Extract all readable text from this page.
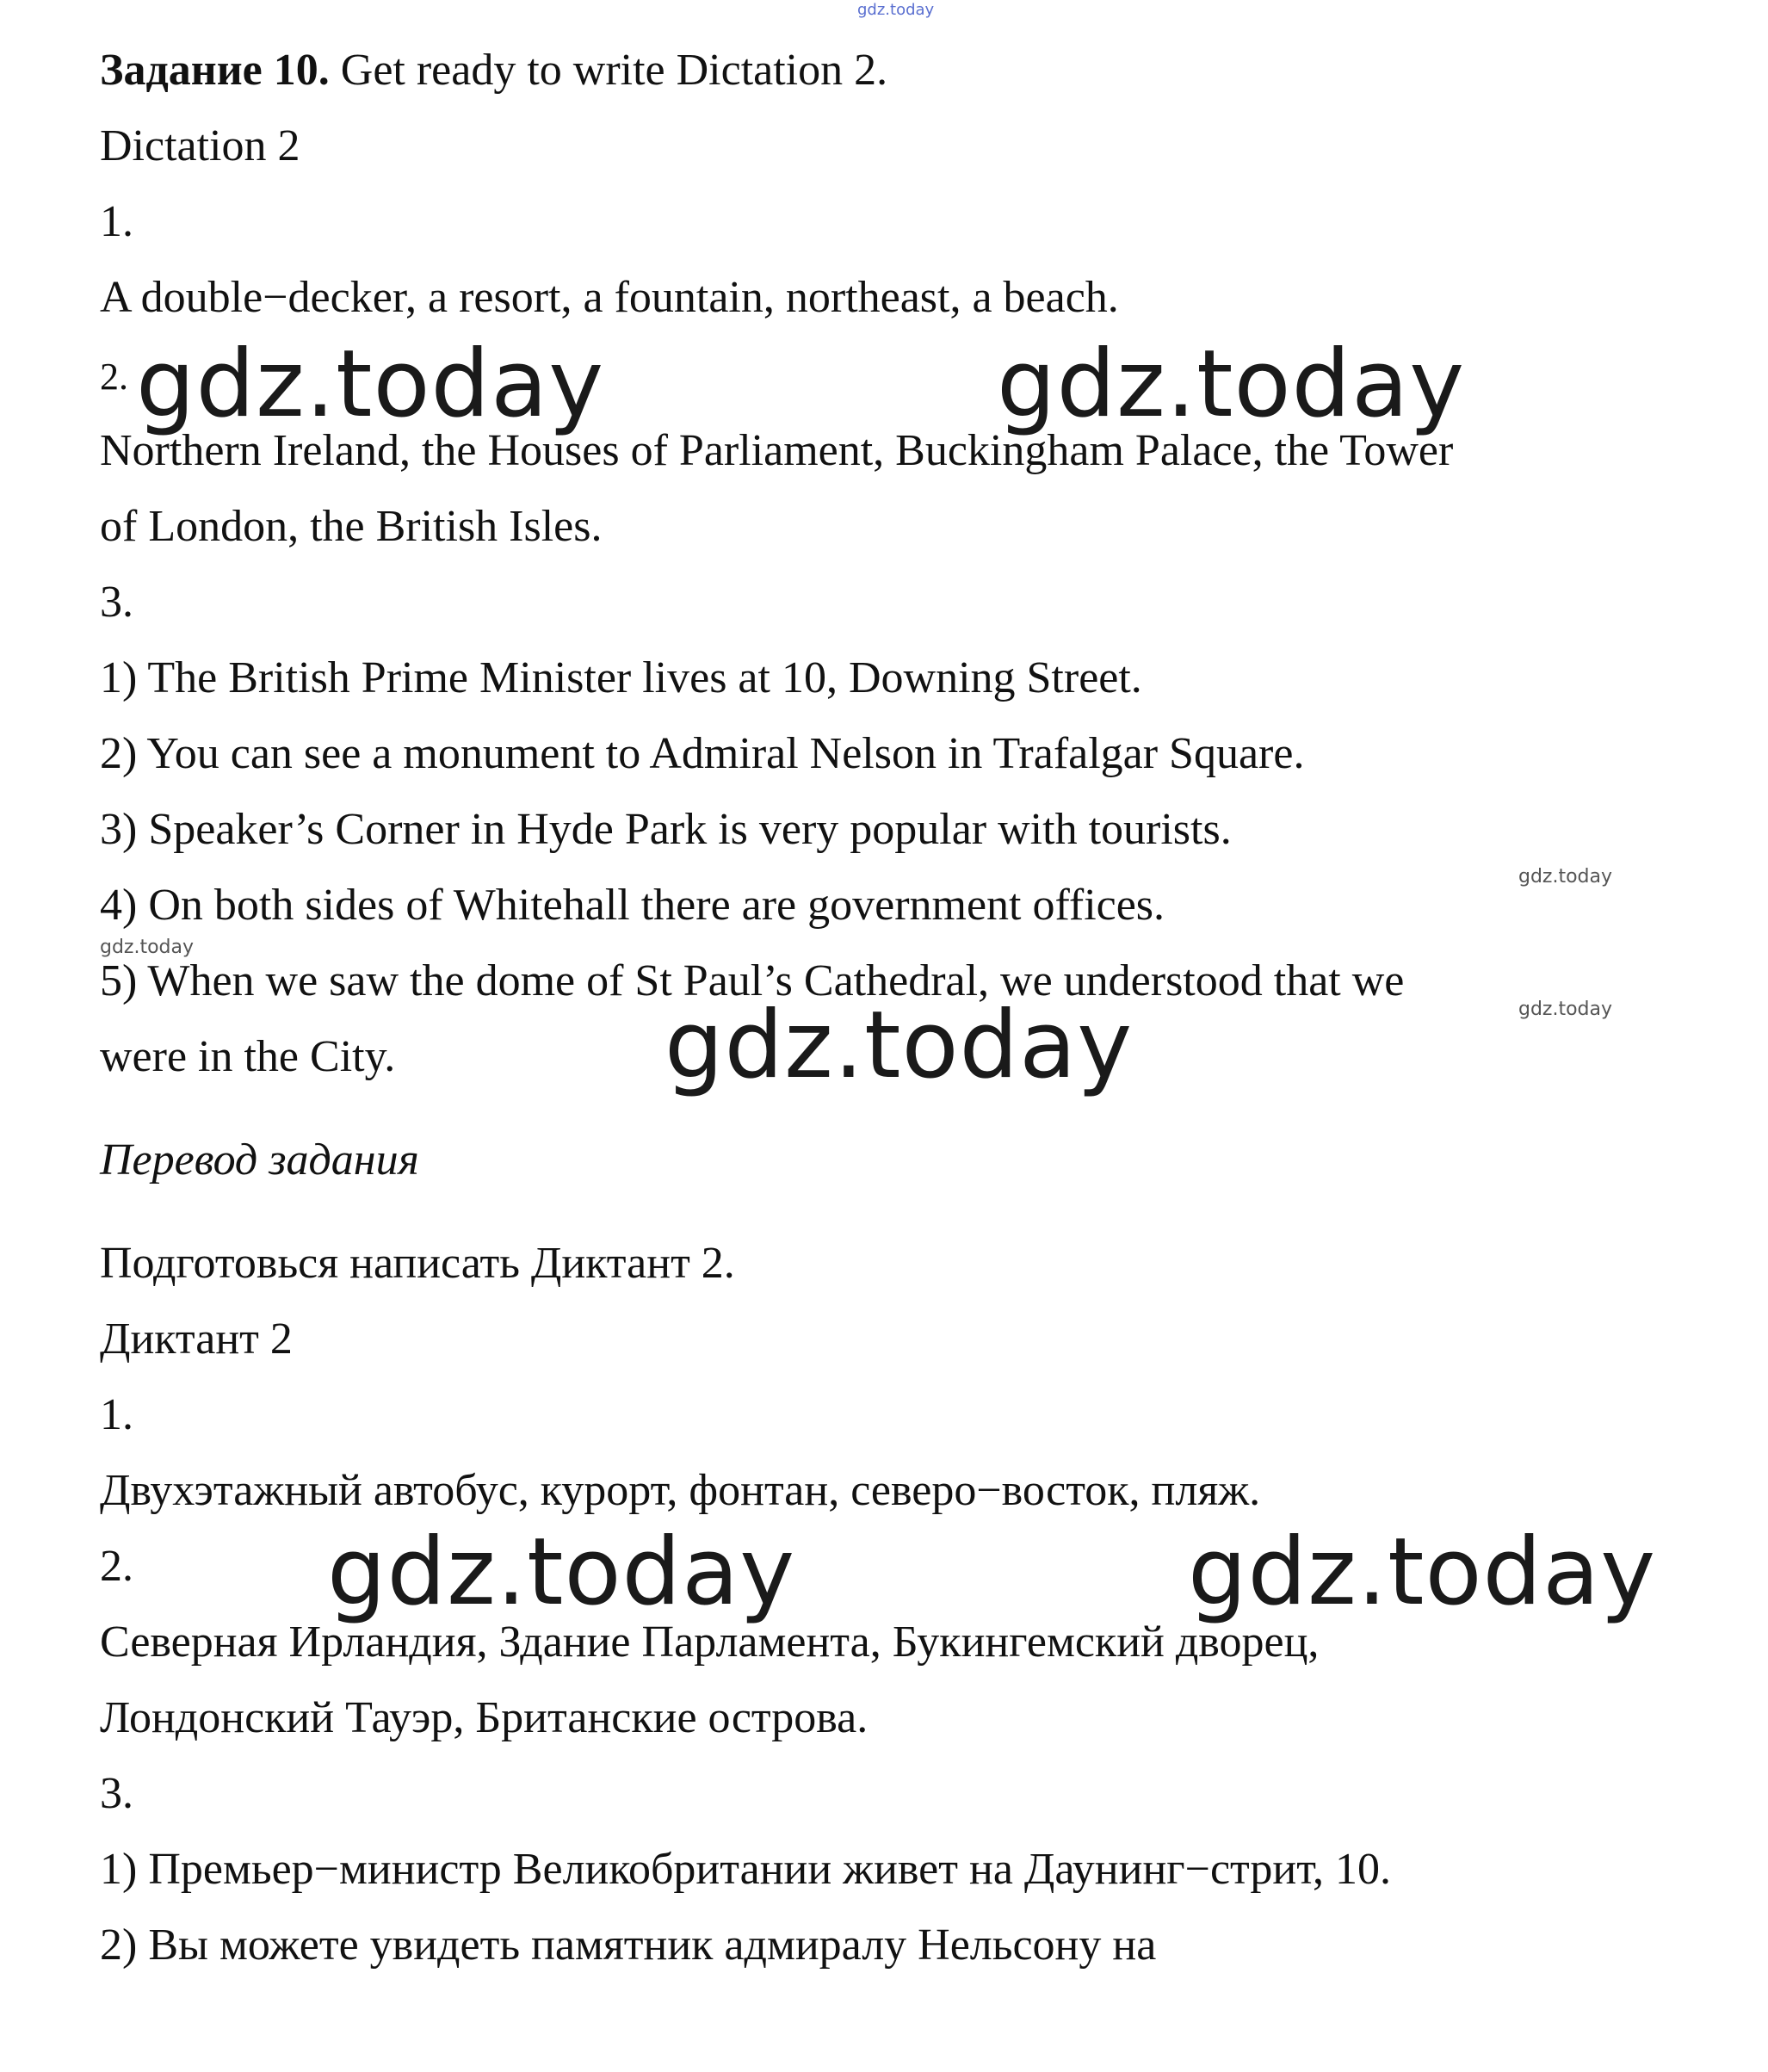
gdz.today
Задание 10. Get ready to write Dictation 2.
Dictation 2
1.
A double−decker, a resort, a fountain, northeast, a beach.
2.
Northern Ireland, the Houses of Parliament, Buckingham Palace, the Tower
of London, the British Isles.
3.
1) The British Prime Minister lives at 10, Downing Street.
2) You can see a monument to Admiral Nelson in Trafalgar Square.
3) Speaker’s Corner in Hyde Park is very popular with tourists.
4) On both sides of Whitehall there are government offices.
5) When we saw the dome of St Paul’s Cathedral, we understood that we
were in the City.
Перевод задания
Подготовься написать Диктант 2.
Диктант 2
1.
Двухэтажный автобус, курорт, фонтан, северо−восток, пляж.
2.
Северная Ирландия, Здание Парламента, Букингемский дворец,
Лондонский Тауэр, Британские острова.
3.
1) Премьер−министр Великобритании живет на Даунинг−стрит, 10.
2) Вы можете увидеть памятник адмиралу Нельсону на
gdz.today	gdz.today
gdz.today
gdz.today	gdz.today
gdz.today
gdz.today
gdz.today
